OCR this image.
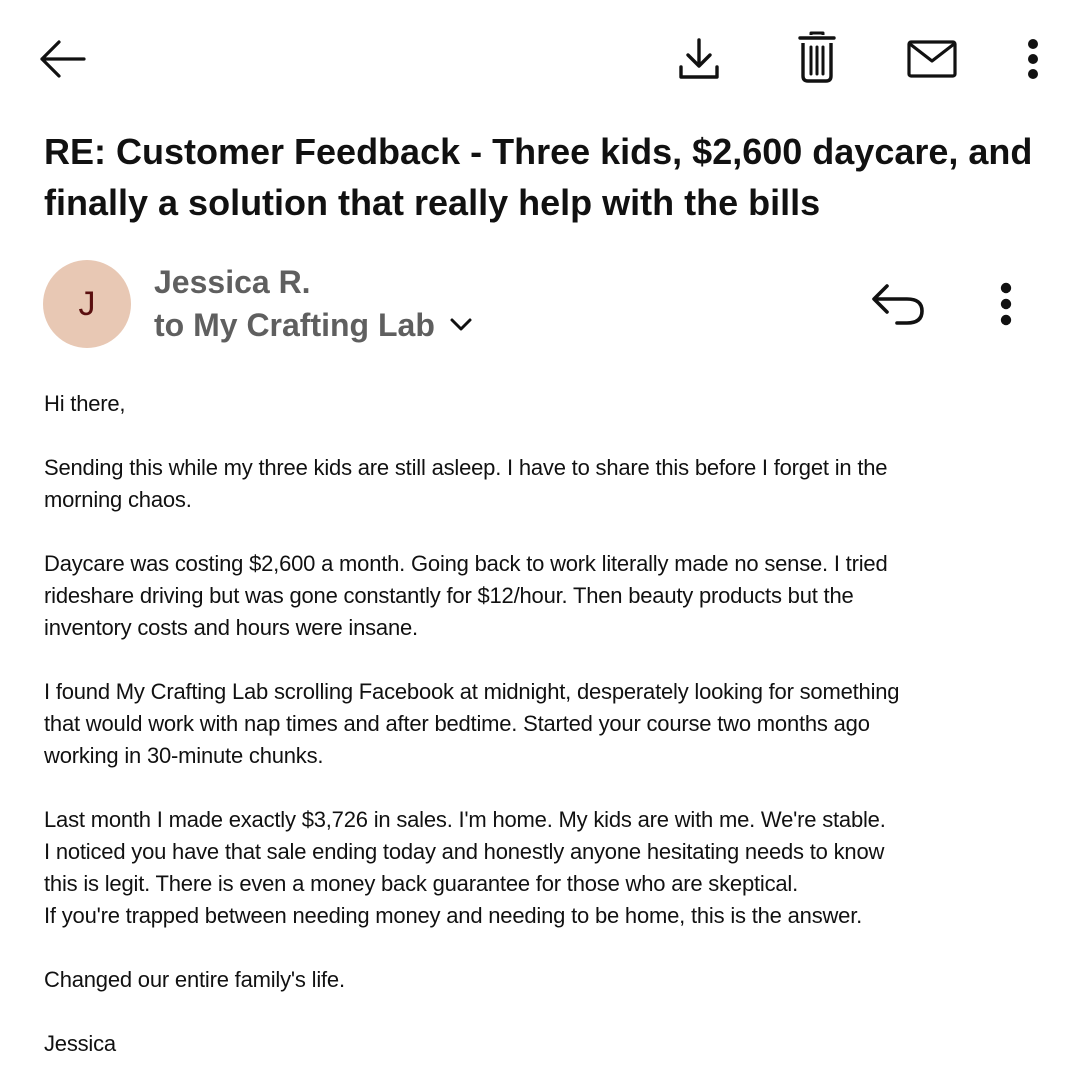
RE: Customer Feedback - Three kids, $2,600 daycare, and finally a solution that really help with the bills
J
Jessica R.
to My Crafting Lab

Hi there,

Sending this while my three kids are still asleep. I have to share this before I forget in the
morning chaos.

Daycare was costing $2,600 a month. Going back to work literally made no sense. I tried
rideshare driving but was gone constantly for $12/hour. Then beauty products but the
inventory costs and hours were insane.

I found My Crafting Lab scrolling Facebook at midnight, desperately looking for something
that would work with nap times and after bedtime. Started your course two months ago
working in 30-minute chunks.

Last month I made exactly $3,726 in sales. I'm home. My kids are with me. We're stable.
I noticed you have that sale ending today and honestly anyone hesitating needs to know
this is legit. There is even a money back guarantee for those who are skeptical.
If you're trapped between needing money and needing to be home, this is the answer.

Changed our entire family's life.

Jessica
